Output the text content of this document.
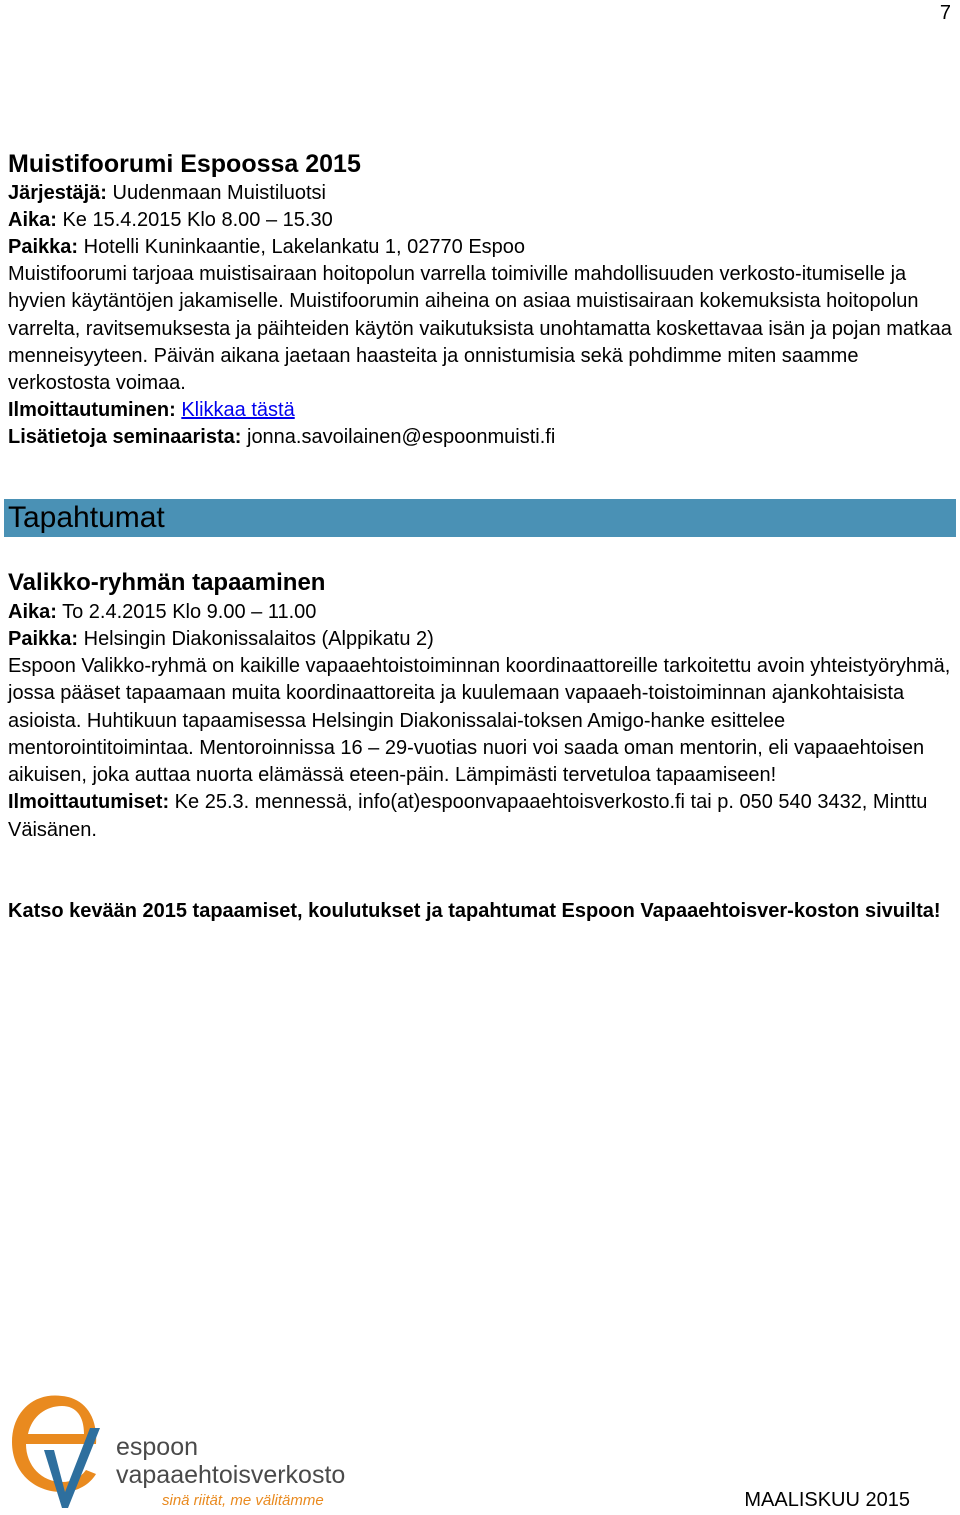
7

Muistifoorumi Espoossa 2015

Järjestäjä: Uudenmaan Muistiluotsi

Aika: Ke 15.4.2015 Klo 8.00 – 15.30

Paikka: Hotelli Kuninkaantie, Lakelankatu 1, 02770 Espoo

Muistifoorumi tarjoaa muistisairaan hoitopolun varrella toimiville mahdollisuuden verkosto-itumiselle ja hyvien käytäntöjen jakamiselle. Muistifoorumin aiheina on asiaa muistisairaan kokemuksista hoitopolun varrelta, ravitsemuksesta ja päihteiden käytön vaikutuksista unohtamatta koskettavaa isän ja pojan matkaa menneisyyteen. Päivän aikana jaetaan haasteita ja onnistumisia sekä pohdimme miten saamme verkostosta voimaa.

Ilmoittautuminen: Klikkaa tästä

Lisätietoja seminaarista: jonna.savoilainen@espoonmuisti.fi

Tapahtumat

Valikko-ryhmän tapaaminen

Aika: To 2.4.2015 Klo 9.00 – 11.00

Paikka: Helsingin Diakonissalaitos (Alppikatu 2)

Espoon Valikko-ryhmä on kaikille vapaaehtoistoiminnan koordinaattoreille tarkoitettu avoin yhteistyöryhmä, jossa pääset tapaamaan muita koordinaattoreita ja kuulemaan vapaaeh-toistoiminnan ajankohtaisista asioista. Huhtikuun tapaamisessa Helsingin Diakonissalai-toksen Amigo-hanke esittelee mentorointitoimintaa. Mentoroinnissa 16 – 29-vuotias nuori voi saada oman mentorin, eli vapaaehtoisen aikuisen, joka auttaa nuorta elämässä eteen-päin. Lämpimästi tervetuloa tapaamiseen!

Ilmoittautumiset: Ke 25.3. mennessä, info(at)espoonvapaaehtoisverkosto.fi tai p. 050 540 3432, Minttu Väisänen.

Katso kevään 2015 tapaamiset, koulutukset ja tapahtumat Espoon Vapaaehtoisver-koston sivuilta!

espoon
vapaaehtoisverkosto
sinä riität, me välitämme	MAALISKUU 2015
